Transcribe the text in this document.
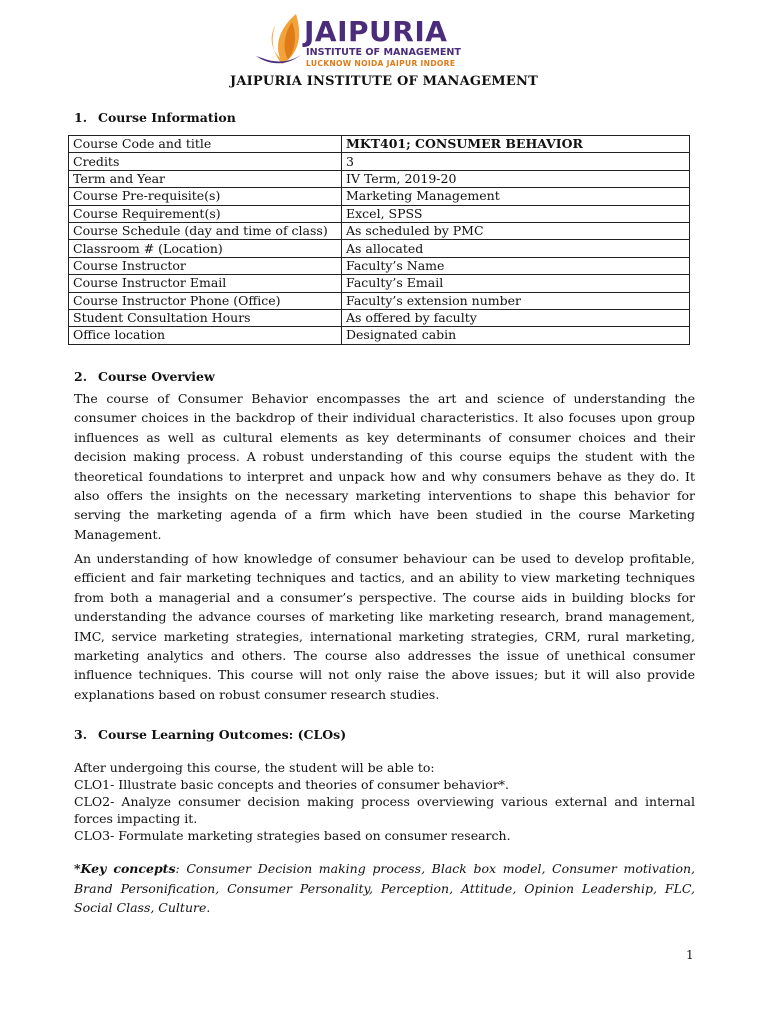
JAIPURIA
INSTITUTE OF MANAGEMENT
LUCKNOW NOIDA JAIPUR INDORE
JAIPURIA INSTITUTE OF MANAGEMENT
1. Course Information
Course Code and title	MKT401; CONSUMER BEHAVIOR
Credits	3
Term and Year	IV Term, 2019-20
Course Pre-requisite(s)	Marketing Management
Course Requirement(s)	Excel, SPSS
Course Schedule (day and time of class)	As scheduled by PMC
Classroom # (Location)	As allocated
Course Instructor	Faculty’s Name
Course Instructor Email	Faculty’s Email
Course Instructor Phone (Office)	Faculty’s extension number
Student Consultation Hours	As offered by faculty
Office location	Designated cabin
2. Course Overview

The course of Consumer Behavior encompasses the art and science of understanding the consumer choices in the backdrop of their individual characteristics. It also focuses upon group influences as well as cultural elements as key determinants of consumer choices and their decision making process. A robust understanding of this course equips the student with the theoretical foundations to interpret and unpack how and why consumers behave as they do. It also offers the insights on the necessary marketing interventions to shape this behavior for serving the marketing agenda of a firm which have been studied in the course Marketing Management.

An understanding of how knowledge of consumer behaviour can be used to develop profitable, efficient and fair marketing techniques and tactics, and an ability to view marketing techniques from both a managerial and a consumer’s perspective. The course aids in building blocks for understanding the advance courses of marketing like marketing research, brand management, IMC, service marketing strategies, international marketing strategies, CRM, rural marketing, marketing analytics and others. The course also addresses the issue of unethical consumer influence techniques. This course will not only raise the above issues; but it will also provide explanations based on robust consumer research studies.

3. Course Learning Outcomes: (CLOs)

After undergoing this course, the student will be able to:

CLO1- Illustrate basic concepts and theories of consumer behavior*.

CLO2- Analyze consumer decision making process overviewing various external and internal forces impacting it.

CLO3- Formulate marketing strategies based on consumer research.

*Key concepts: Consumer Decision making process, Black box model, Consumer motivation, Brand Personification, Consumer Personality, Perception, Attitude, Opinion Leadership, FLC, Social Class, Culture.

1
